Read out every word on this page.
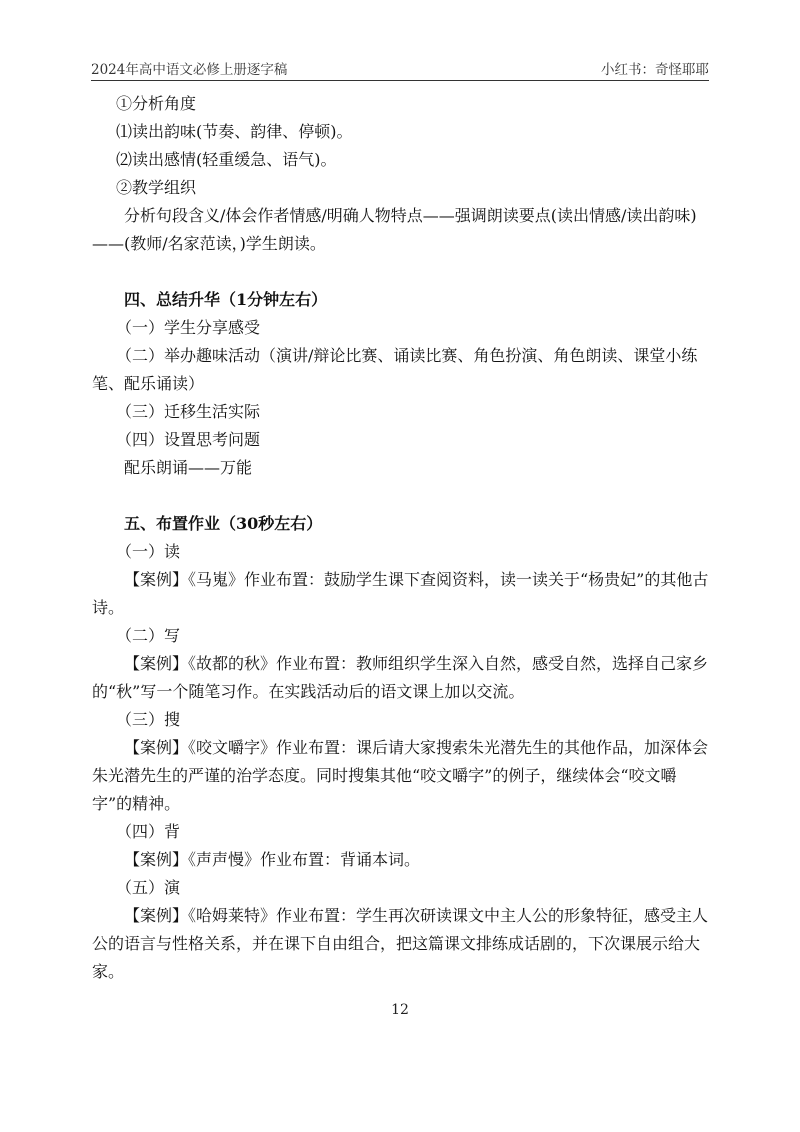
2024年高中语文必修上册逐字稿	小红书：奇怪耶耶

①分析角度

⑴读出韵味(节奏、韵律、停顿)。

⑵读出感情(轻重缓急、语气)。

②教学组织

分析句段含义/体会作者情感/明确人物特点——强调朗读要点(读出情感/读出韵味)——(教师/名家范读，)学生朗读。

四、总结升华（1分钟左右）

（一）学生分享感受

（二）举办趣味活动（演讲/辩论比赛、诵读比赛、角色扮演、角色朗读、课堂小练笔、配乐诵读）

（三）迁移生活实际

（四）设置思考问题

配乐朗诵——万能

五、布置作业（30秒左右）

（一）读

【案例】《马嵬》作业布置：鼓励学生课下查阅资料，读一读关于“杨贵妃”的其他古诗。

（二）写

【案例】《故都的秋》作业布置：教师组织学生深入自然，感受自然，选择自己家乡的“秋”写一个随笔习作。在实践活动后的语文课上加以交流。

（三）搜

【案例】《咬文嚼字》作业布置：课后请大家搜索朱光潜先生的其他作品，加深体会朱光潜先生的严谨的治学态度。同时搜集其他“咬文嚼字”的例子，继续体会“咬文嚼字”的精神。

（四）背

【案例】《声声慢》作业布置：背诵本词。

（五）演

【案例】《哈姆莱特》作业布置：学生再次研读课文中主人公的形象特征，感受主人公的语言与性格关系，并在课下自由组合，把这篇课文排练成话剧的，下次课展示给大家。

12
